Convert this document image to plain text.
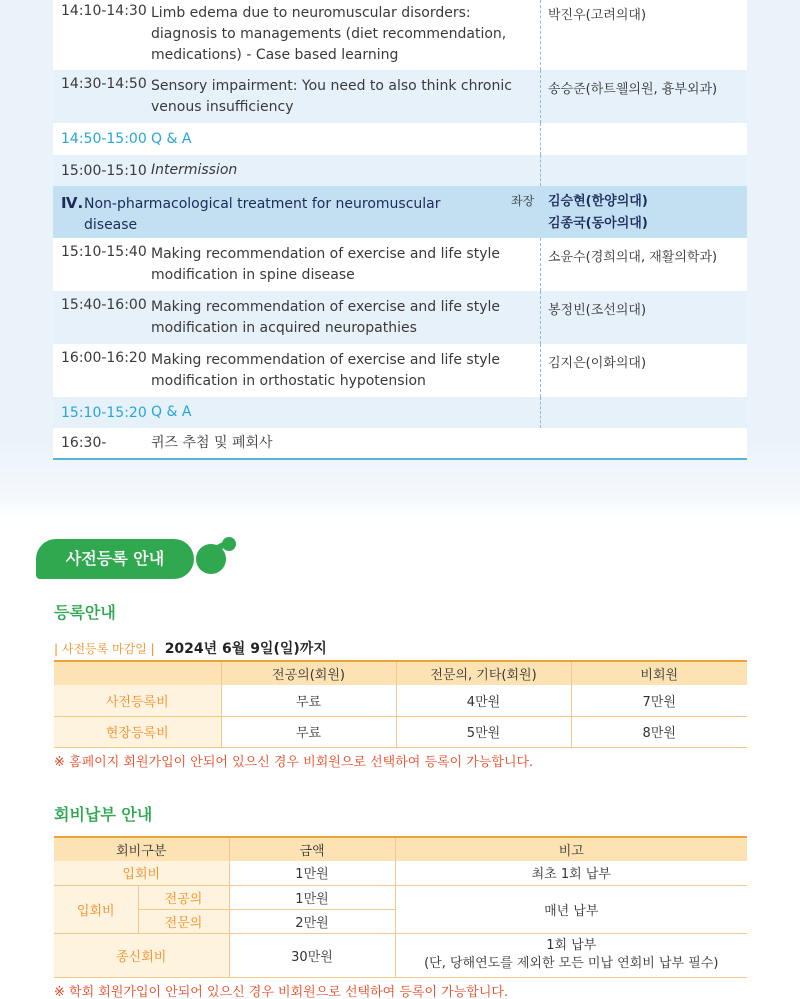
14:10-14:30 Limb edema due to neuromuscular disorders:
diagnosis to managements (diet recommendation,
medications) - Case based learning
박진우(고려의대)
14:30-14:50 Sensory impairment: You need to also think chronic
venous insufficiency
송승준(하트웰의원, 흉부외과)
14:50-15:00 Q & A
15:00-15:10 Intermission
Ⅳ. Non-pharmacological treatment for neuromuscular
disease
좌장 김승현(한양의대)
김종국(동아의대)
15:10-15:40 Making recommendation of exercise and life style
modification in spine disease
소윤수(경희의대, 재활의학과)
15:40-16:00 Making recommendation of exercise and life style
modification in acquired neuropathies
봉정빈(조선의대)
16:00-16:20 Making recommendation of exercise and life style
modification in orthostatic hypotension
김지은(이화의대)
15:10-15:20 Q & A
16:30-	퀴즈 추첨 및 폐회사
사전등록 안내
등록안내
| 사전등록 마감일 | 2024년 6월 9일(일)까지
	전공의(회원)	전문의, 기타(회원)	비회원
사전등록비	무료	4만원	7만원
현장등록비	무료	5만원	8만원
※ 홈페이지 회원가입이 안되어 있으신 경우 비회원으로 선택하여 등록이 가능합니다.
회비납부 안내
회비구분		금액	비고
입회비		1만원	최초 1회 납부
입회비	전공의	1만원	매년 납부
	전문의	2만원	
종신회비		30만원	1회 납부
(단, 당해연도를 제외한 모든 미납 연회비 납부 필수)
※ 학회 회원가입이 안되어 있으신 경우 비회원으로 선택하여 등록이 가능합니다.
